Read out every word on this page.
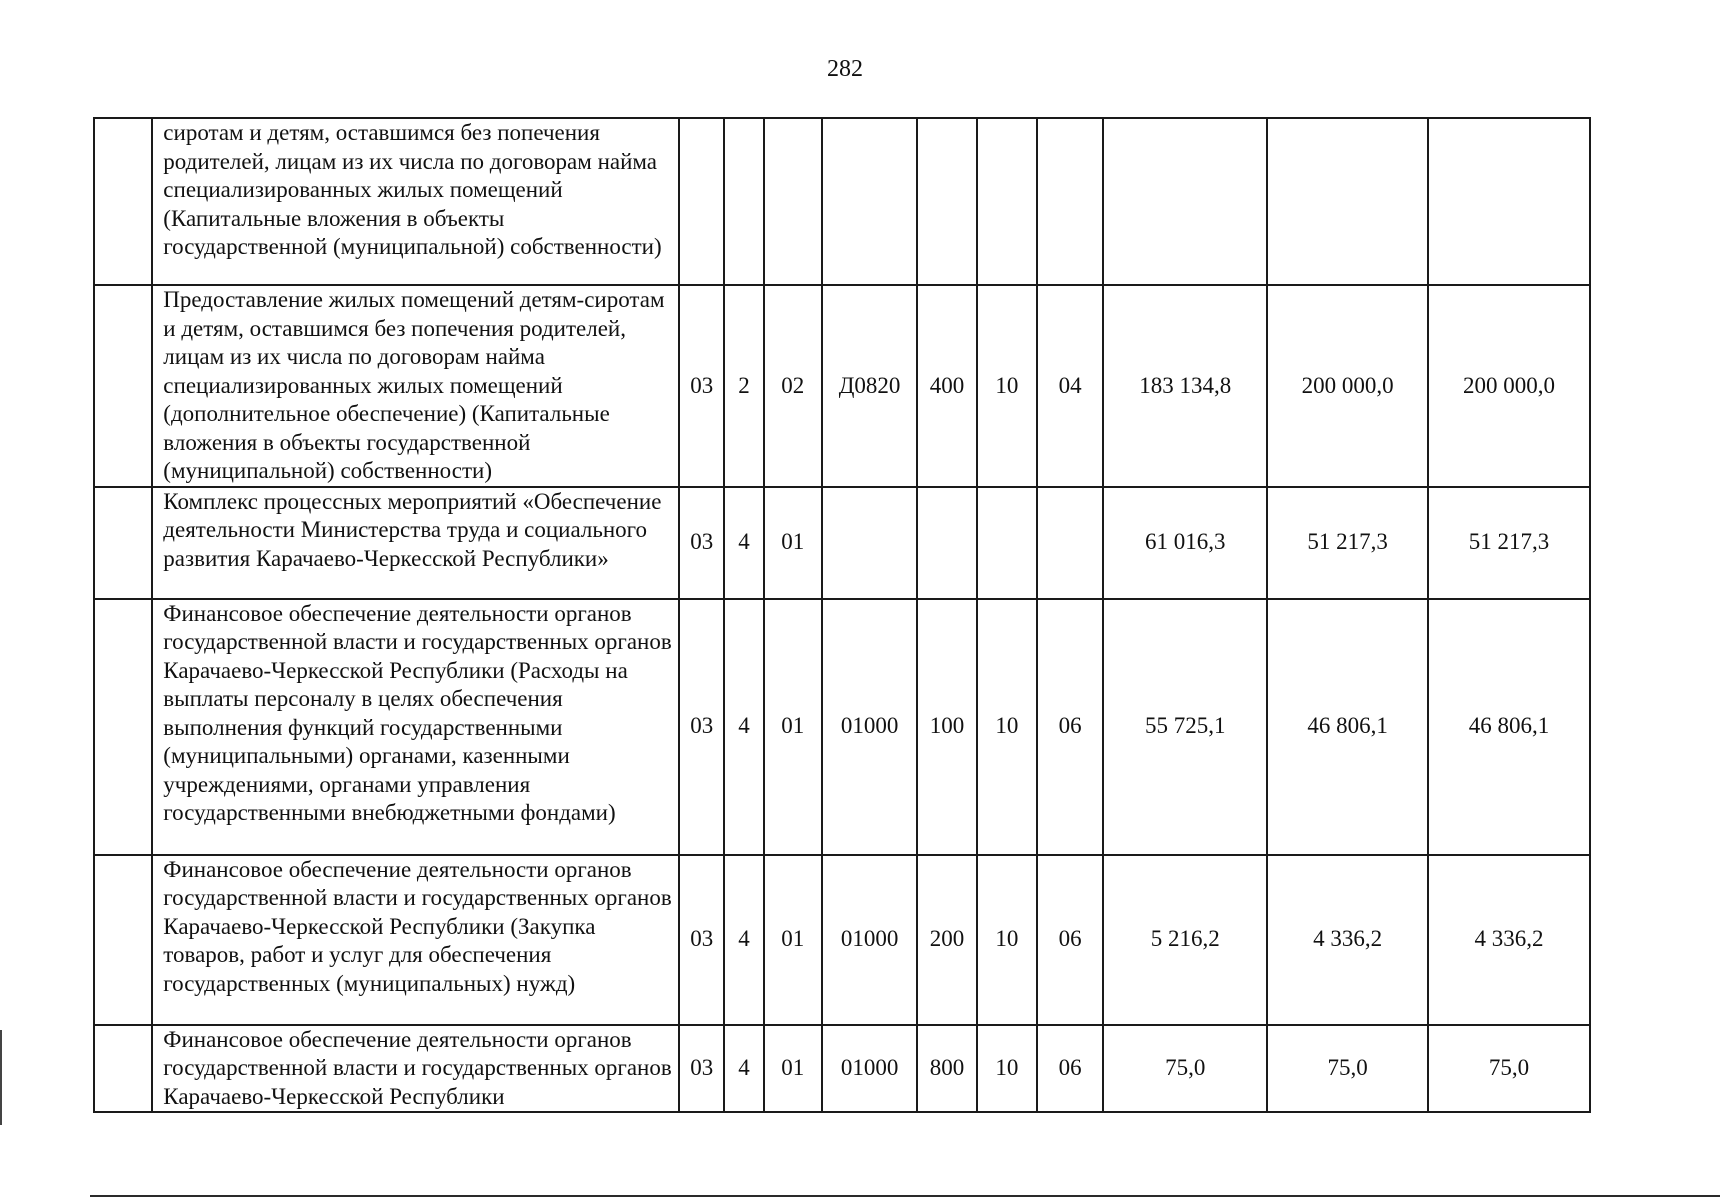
282
	сиротам и детям, оставшимся без попечения родителей, лицам из их числа по договорам найма специализированных жилых помещений (Капитальные вложения в объекты государственной (муниципальной) собственности)										
	Предоставление жилых помещений детям-сиротам и детям, оставшимся без попечения родителей, лицам из их числа по договорам найма специализированных жилых помещений (дополнительное обеспечение) (Капитальные вложения в объекты государственной (муниципальной) собственности)	03	2	02	Д0820	400	10	04	183 134,8	200 000,0	200 000,0
	Комплекс процессных мероприятий «Обеспечение деятельности Министерства труда и социального развития Карачаево-Черкесской Республики»	03	4	01					61 016,3	51 217,3	51 217,3
	Финансовое обеспечение деятельности органов государственной власти и государственных органов Карачаево-Черкесской Республики (Расходы на выплаты персоналу в целях обеспечения выполнения функций государственными (муниципальными) органами, казенными учреждениями, органами управления государственными внебюджетными фондами)	03	4	01	01000	100	10	06	55 725,1	46 806,1	46 806,1
	Финансовое обеспечение деятельности органов государственной власти и государственных органов Карачаево-Черкесской Республики (Закупка товаров, работ и услуг для обеспечения государственных (муниципальных) нужд)	03	4	01	01000	200	10	06	5 216,2	4 336,2	4 336,2
	Финансовое обеспечение деятельности органов государственной власти и государственных органов Карачаево-Черкесской Республики	03	4	01	01000	800	10	06	75,0	75,0	75,0
